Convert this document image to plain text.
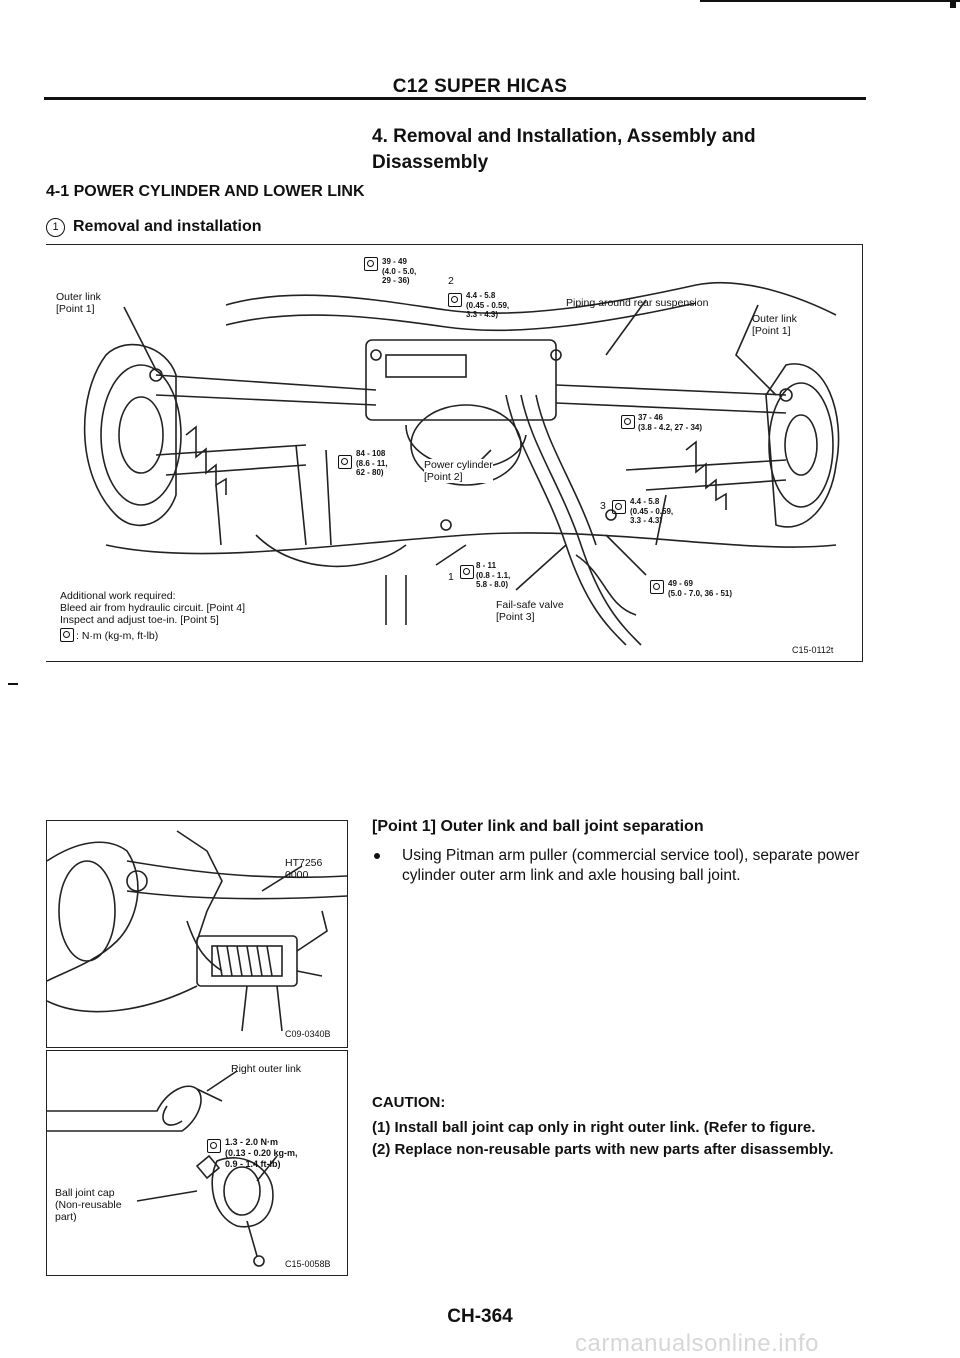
C12 SUPER HICAS
4. Removal and Installation, Assembly and Disassembly
4-1 POWER CYLINDER AND LOWER LINK
1 Removal and installation
Outer link
[Point 1]
Outer link
[Point 1]
Piping around rear suspension
Power cylinder
[Point 2]
Fail-safe valve
[Point 3]
2
3
1
39 - 49
(4.0 - 5.0,
29 - 36)
4.4 - 5.8
(0.45 - 0.59,
3.3 - 4.3)
37 - 46
(3.8 - 4.2, 27 - 34)
84 - 108
(8.6 - 11,
62 - 80)
4.4 - 5.8
(0.45 - 0.59,
3.3 - 4.3)
8 - 11
(0.8 - 1.1,
5.8 - 8.0)	49 - 69
(5.0 - 7.0, 36 - 51)
Additional work required:
Bleed air from hydraulic circuit. [Point 4]
Inspect and adjust toe-in. [Point 5]
: N·m (kg-m, ft-lb)
C15-0112t
HT7256 0000
C09-0340B
Right outer link
1.3 - 2.0 N·m
(0.13 - 0.20 kg-m,
0.9 - 1.4 ft-lb)
Ball joint cap
(Non-reusable
part)
C15-0058B
[Point 1] Outer link and ball joint separation
Using Pitman arm puller (commercial service tool), separate power cylinder outer arm link and axle housing ball joint.
CAUTION:
(1) Install ball joint cap only in right outer link. (Refer to figure.
(2) Replace non-reusable parts with new parts after disassembly.
CH-364
carmanualsonline.info
